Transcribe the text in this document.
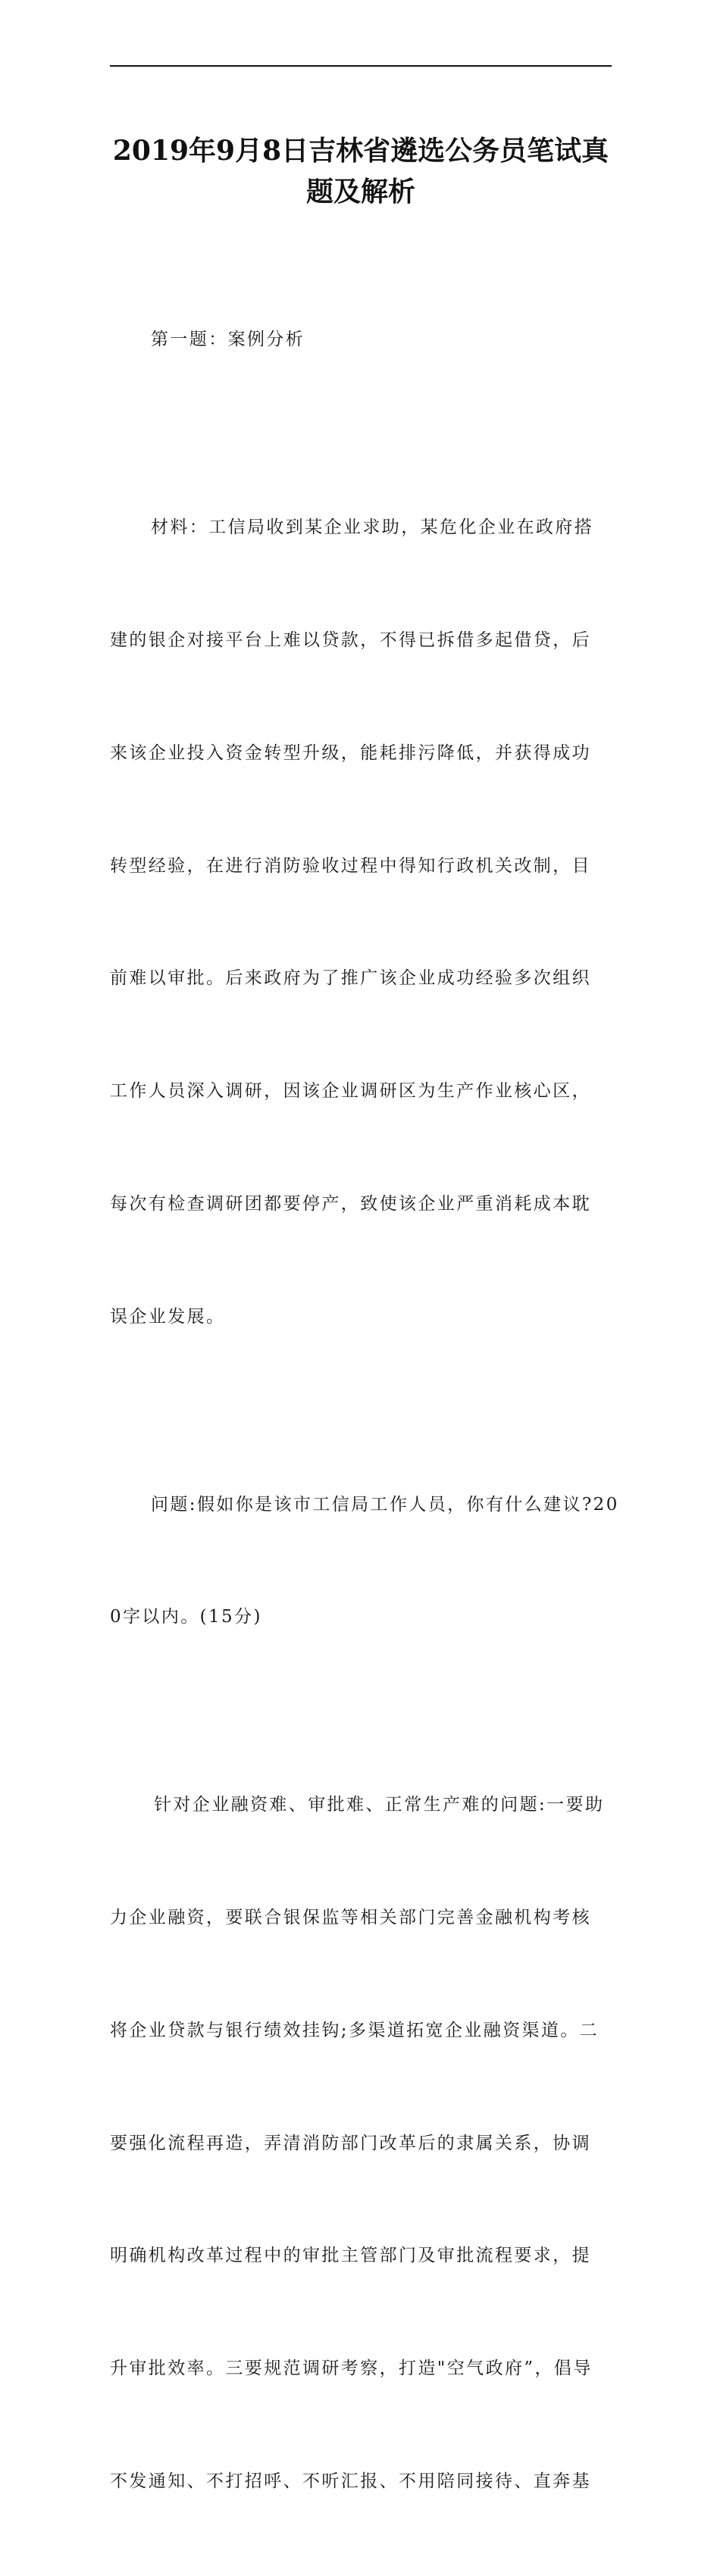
2019年9月8日吉林省遴选公务员笔试真
题及解析

第一题：案例分析

材料：工信局收到某企业求助，某危化企业在政府搭

建的银企对接平台上难以贷款，不得已拆借多起借贷，后

来该企业投入资金转型升级，能耗排污降低，并获得成功

转型经验，在进行消防验收过程中得知行政机关改制，目

前难以审批。后来政府为了推广该企业成功经验多次组织

工作人员深入调研，因该企业调研区为生产作业核心区，

每次有检查调研团都要停产，致使该企业严重消耗成本耽

误企业发展。

问题:假如你是该市工信局工作人员，你有什么建议?20

0字以内。(15分)

针对企业融资难、审批难、正常生产难的问题:一要助

力企业融资，要联合银保监等相关部门完善金融机构考核

将企业贷款与银行绩效挂钩;多渠道拓宽企业融资渠道。二

要强化流程再造，弄清消防部门改革后的隶属关系，协调

明确机构改革过程中的审批主管部门及审批流程要求，提

升审批效率。三要规范调研考察，打造"空气政府”，倡导

不发通知、不打招呼、不听汇报、不用陪同接待、直奔基
